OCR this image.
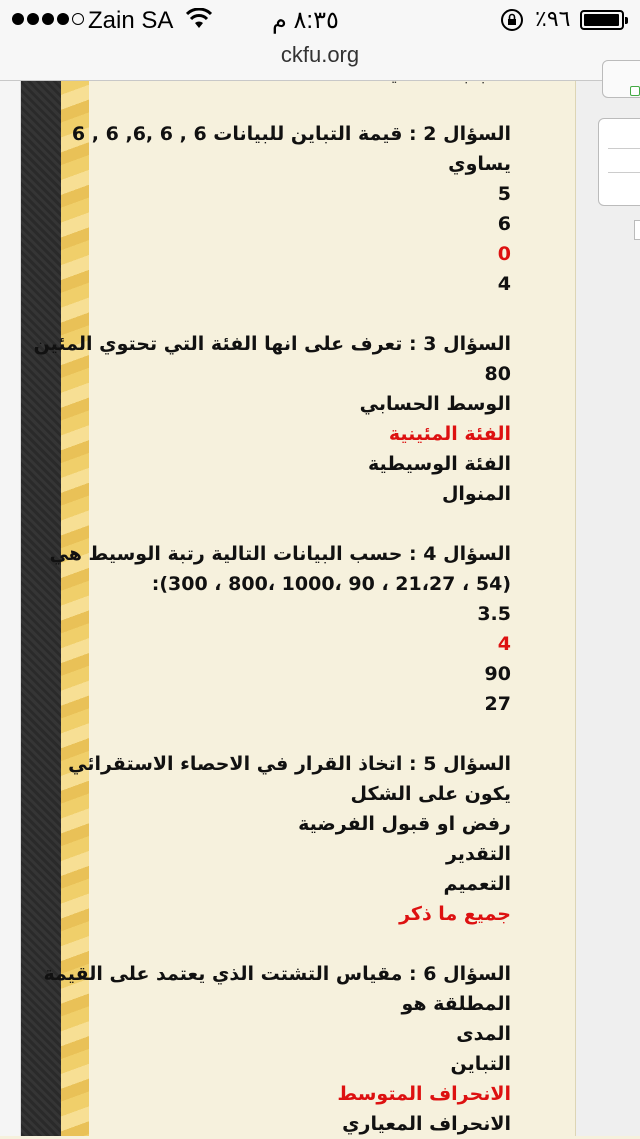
Zain SA	٨:٣٥ م	٪٩٦
ckfu.org
السؤال 2 : قيمة التباين للبيانات 6 , 6 ,6, 6 , 6
يساوي
5
6
0
4
السؤال 3 : تعرف على انها الفئة التي تحتوي المئين
80
الوسط الحسابي
الفئة المئينية
الفئة الوسيطية
المنوال
السؤال 4 : حسب البيانات التالية رتبة الوسيط هي
(54 ، 21،27 ، 90 ،1000 ،800 ، 300):
3.5
4
90
27
السؤال 5 : اتخاذ القرار في الاحصاء الاستقرائي
يكون على الشكل
رفض او قبول الفرضية
التقدير
التعميم
جميع ما ذكر
السؤال 6 : مقياس التشتت الذي يعتمد على القيمة
المطلقة هو
المدى
التباين
الانحراف المتوسط
الانحراف المعياري
